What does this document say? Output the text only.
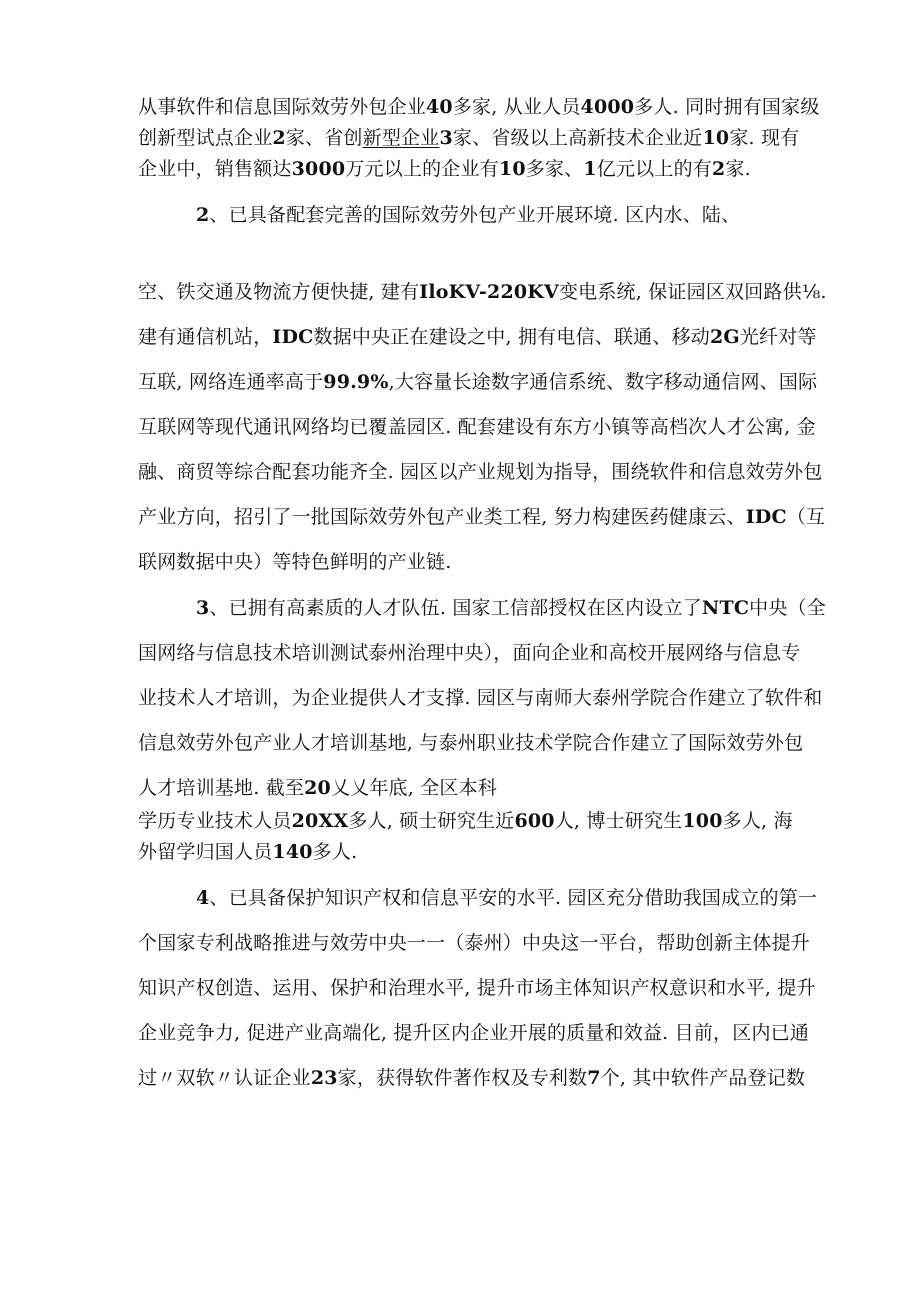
从事软件和信息国际效劳外包企业40多家, 从业人员4000多人. 同时拥有国家级
创新型试点企业2家、省创新型企业3家、省级以上高新技术企业近10家. 现有
企业中，销售额达3000万元以上的企业有10多家、1亿元以上的有2家.
2、已具备配套完善的国际效劳外包产业开展环境. 区内水、陆、
空、铁交通及物流方便快捷, 建有IloKV-220KV变电系统, 保证园区双回路供⅛.
建有通信机站，IDC数据中央正在建设之中, 拥有电信、联通、移动2G光纤对等
互联, 网络连通率高于99.9%,大容量长途数字通信系统、数字移动通信网、国际
互联网等现代通讯网络均已覆盖园区. 配套建设有东方小镇等高档次人才公寓, 金
融、商贸等综合配套功能齐全. 园区以产业规划为指导，围绕软件和信息效劳外包
产业方向，招引了一批国际效劳外包产业类工程, 努力构建医药健康云、IDC（互
联网数据中央）等特色鲜明的产业链.
3、已拥有高素质的人才队伍. 国家工信部授权在区内设立了NTC中央（全
国网络与信息技术培训测试泰州治理中央），面向企业和高校开展网络与信息专
业技术人才培训，为企业提供人才支撑. 园区与南师大泰州学院合作建立了软件和
信息效劳外包产业人才培训基地, 与泰州职业技术学院合作建立了国际效劳外包
人才培训基地. 截至20乂乂年底, 全区本科
学历专业技术人员20XX多人, 硕士研究生近600人, 博士研究生100多人, 海
外留学归国人员140多人.
4、已具备保护知识产权和信息平安的水平. 园区充分借助我国成立的第一
个国家专利战略推进与效劳中央一一（泰州）中央这一平台，帮助创新主体提升
知识产权创造、运用、保护和治理水平, 提升市场主体知识产权意识和水平, 提升
企业竞争力, 促进产业高端化, 提升区内企业开展的质量和效益. 目前，区内已通
过〃双软〃认证企业23家，获得软件著作权及专利数7个, 其中软件产品登记数
